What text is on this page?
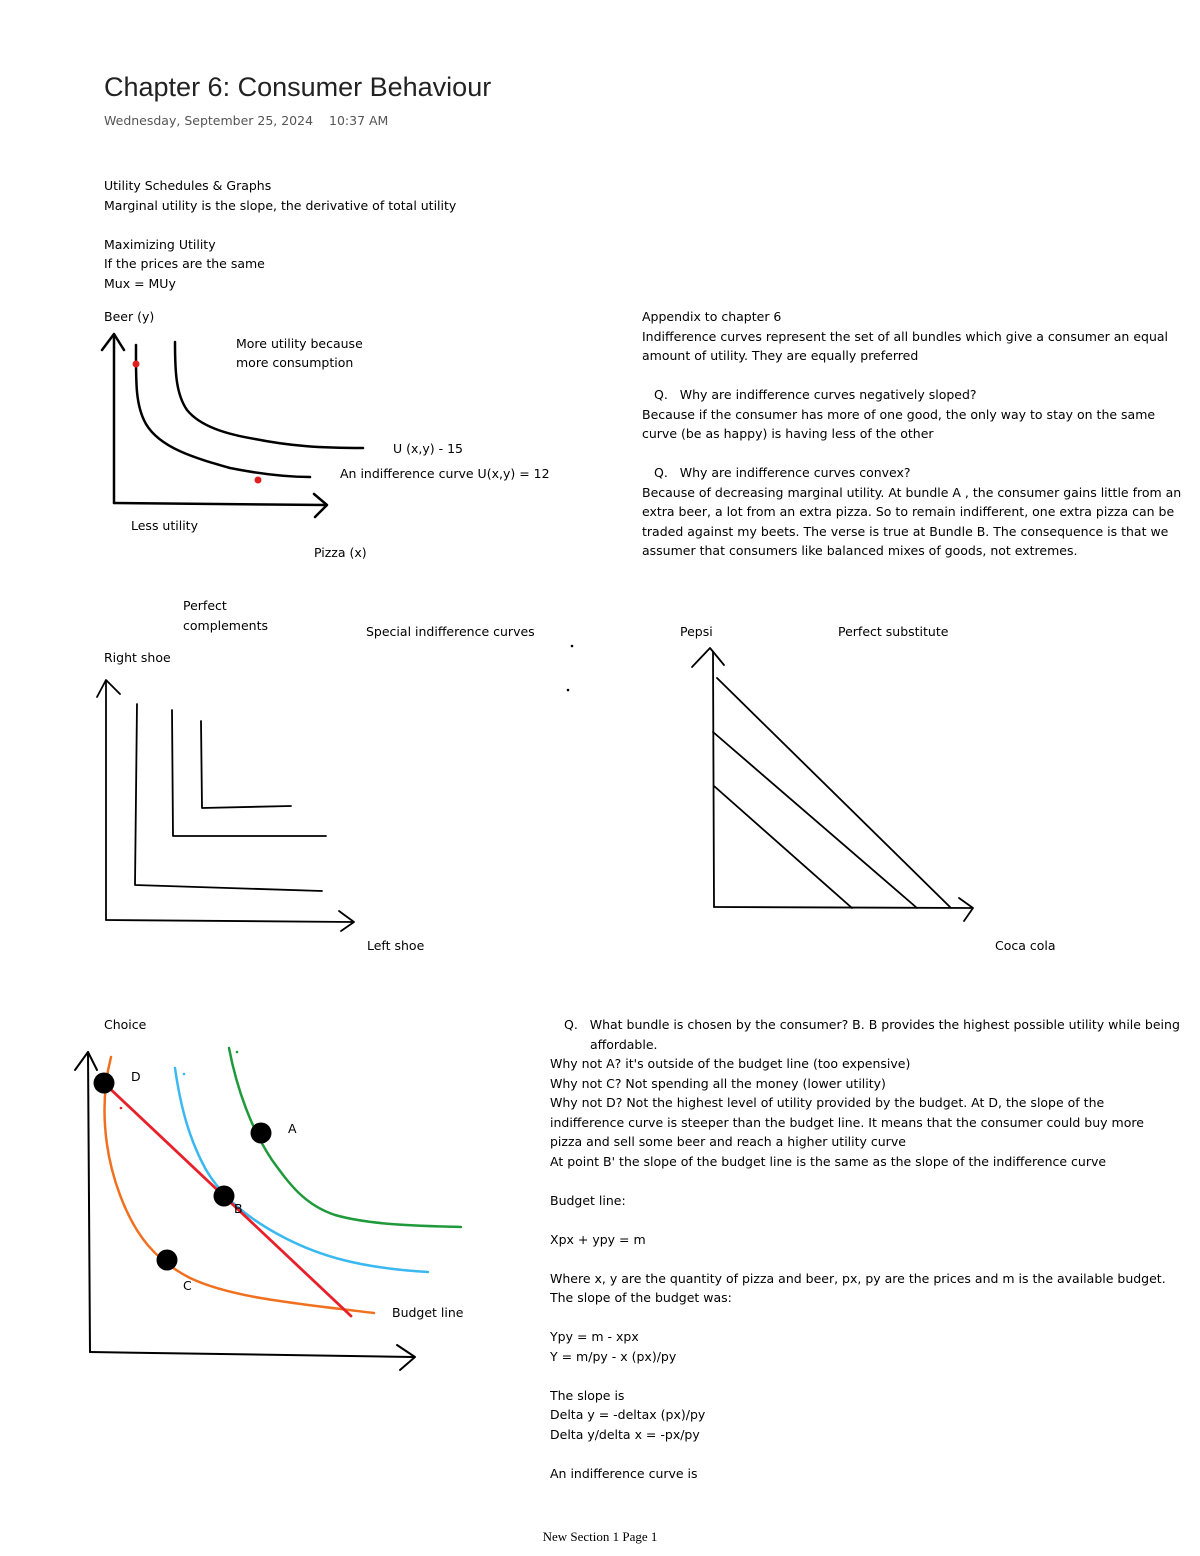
Chapter 6: Consumer Behaviour
Wednesday, September 25, 2024 10:37 AM
Utility Schedules & Graphs
Marginal utility is the slope, the derivative of total utility
Maximizing Utility
If the prices are the same
Mux = MUy
Beer (y)
More utility because
more consumption
U (x,y) - 15
An indifference curve U(x,y) = 12
Less utility
Pizza (x)
Appendix to chapter 6
Indifference curves represent the set of all bundles which give a consumer an equal amount of utility. They are equally preferred
Q. Why are indifference curves negatively sloped?
Because if the consumer has more of one good, the only way to stay on the same curve (be as happy) is having less of the other
Q. Why are indifference curves convex?
Because of decreasing marginal utility. At bundle A , the consumer gains little from an extra beer, a lot from an extra pizza. So to remain indifferent, one extra pizza can be traded against my beets. The verse is true at Bundle B. The consequence is that we assumer that consumers like balanced mixes of goods, not extremes.
Perfect
complements	Special indifference curves
Right shoe
Left shoe
Pepsi	Perfect substitute
Coca cola
Choice
D
A
B
C
Budget line
Q. What bundle is chosen by the consumer? B. B provides the highest possible utility while being affordable.
Why not A? it's outside of the budget line (too expensive)
Why not C? Not spending all the money (lower utility)
Why not D? Not the highest level of utility provided by the budget. At D, the slope of the
indifference curve is steeper than the budget line. It means that the consumer could buy more
pizza and sell some beer and reach a higher utility curve
At point B' the slope of the budget line is the same as the slope of the indifference curve
Budget line:
Xpx + ypy = m
Where x, y are the quantity of pizza and beer, px, py are the prices and m is the available budget.
The slope of the budget was:
Ypy = m - xpx
Y = m/py - x (px)/py
The slope is
Delta y = -deltax (px)/py
Delta y/delta x = -px/py
An indifference curve is
New Section 1 Page 1
